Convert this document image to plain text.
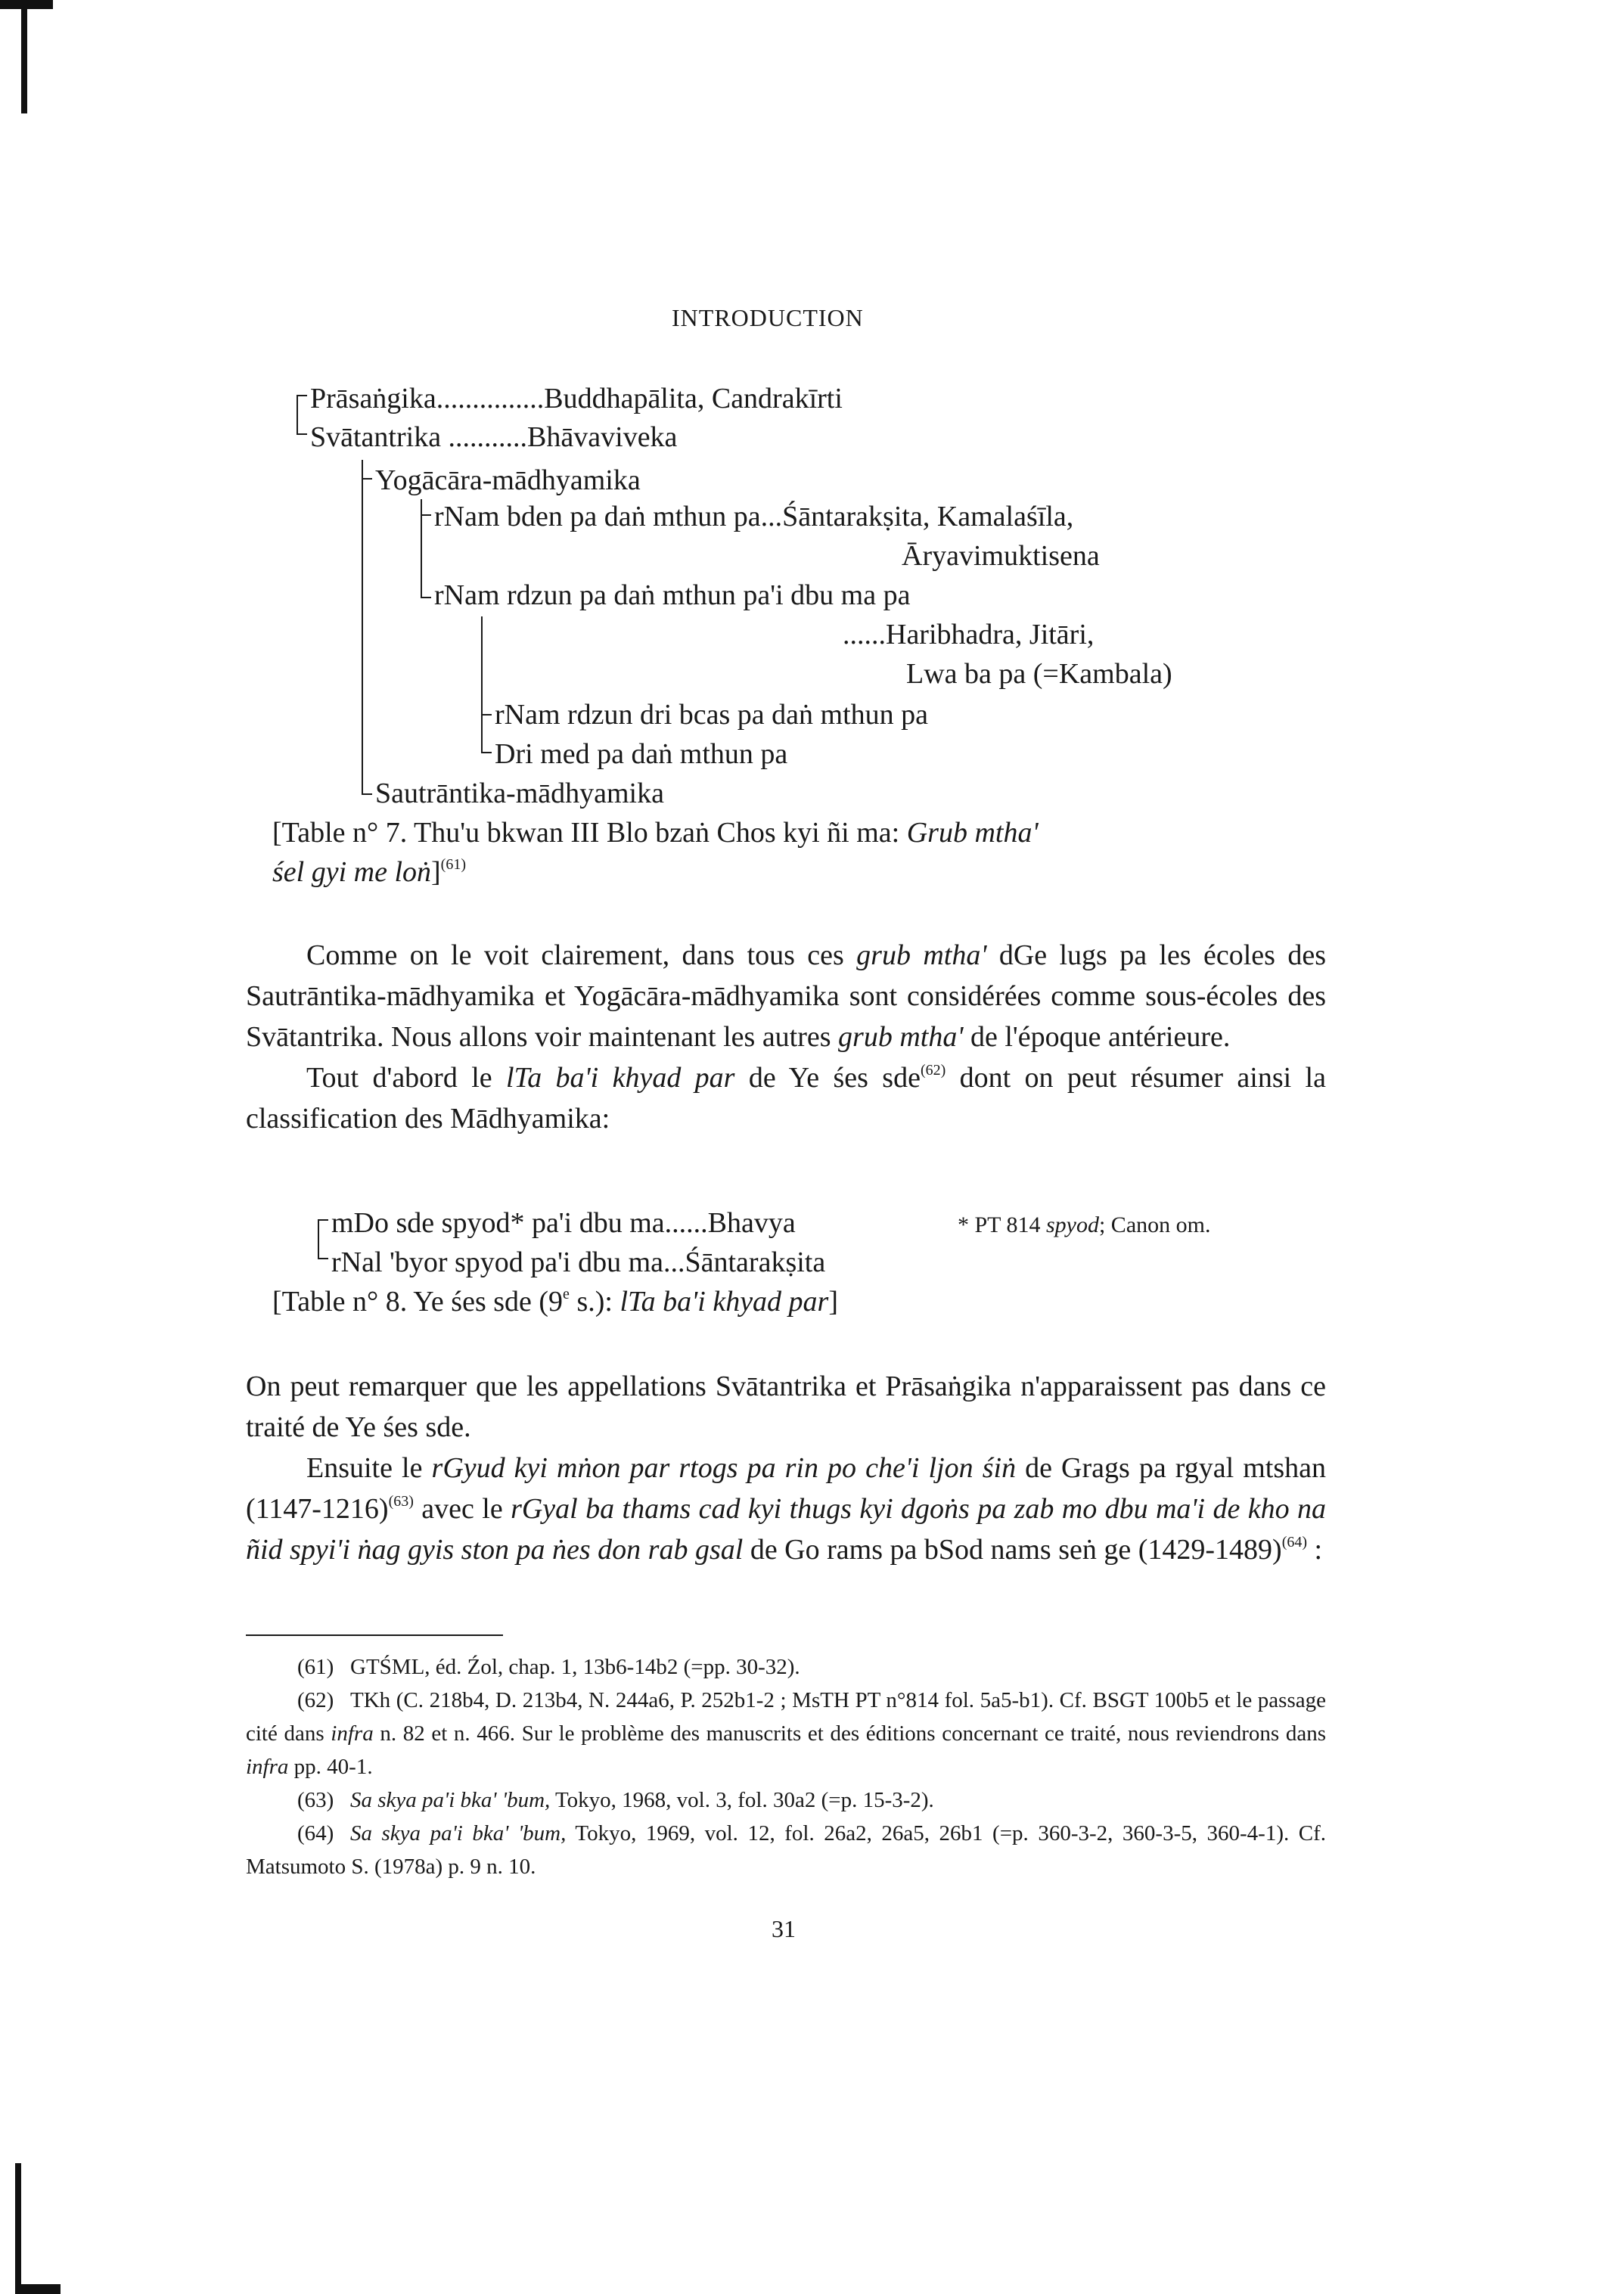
INTRODUCTION
Prāsaṅgika...............Buddhapālita, Candrakīrti
Svātantrika ...........Bhāvaviveka
Yogācāra-mādhyamika
rNam bden pa daṅ mthun pa...Śāntarakṣita, Kamalaśīla,
Āryavimuktisena
rNam rdzun pa daṅ mthun pa'i dbu ma pa
......Haribhadra, Jitāri,
Lwa ba pa (=Kambala)
rNam rdzun dri bcas pa daṅ mthun pa
Dri med pa daṅ mthun pa
Sautrāntika-mādhyamika
[Table n° 7. Thu'u bkwan III Blo bzaṅ Chos kyi ñi ma: Grub mtha'
śel gyi me loṅ]$^{(61)}$

Comme on le voit clairement, dans tous ces grub mtha' dGe lugs pa les écoles des Sautrāntika-mādhyamika et Yogācāra-mādhyamika sont considérées comme sous-écoles des Svātantrika. Nous allons voir maintenant les autres grub mtha' de l'époque antérieure.

Tout d'abord le lTa ba'i khyad par de Ye śes sde$^{(62)}$ dont on peut résumer ainsi la classification des Mādhyamika:

mDo sde spyod* pa'i dbu ma......Bhavya	* PT 814 spyod; Canon om.
rNal 'byor spyod pa'i dbu ma...Śāntarakṣita
[Table n° 8. Ye śes sde (9e s.): lTa ba'i khyad par]

On peut remarquer que les appellations Svātantrika et Prāsaṅgika n'apparaissent pas dans ce traité de Ye śes sde.

Ensuite le rGyud kyi mṅon par rtogs pa rin po che'i ljon śiṅ de Grags pa rgyal mtshan (1147-1216)$^{(63)}$ avec le rGyal ba thams cad kyi thugs kyi dgoṅs pa zab mo dbu ma'i de kho na ñid spyi'i ṅag gyis ston pa ṅes don rab gsal de Go rams pa bSod nams seṅ ge (1429-1489)$^{(64)}$ :

(61) GTŚML, éd. Źol, chap. 1, 13b6-14b2 (=pp. 30-32).

(62) TKh (C. 218b4, D. 213b4, N. 244a6, P. 252b1-2 ; MsTH PT n°814 fol. 5a5-b1). Cf. BSGT 100b5 et le passage cité dans infra n. 82 et n. 466. Sur le problème des manuscrits et des éditions concernant ce traité, nous reviendrons dans infra pp. 40-1.

(63) Sa skya pa'i bka' 'bum, Tokyo, 1968, vol. 3, fol. 30a2 (=p. 15-3-2).

(64) Sa skya pa'i bka' 'bum, Tokyo, 1969, vol. 12, fol. 26a2, 26a5, 26b1 (=p. 360-3-2, 360-3-5, 360-4-1). Cf. Matsumoto S. (1978a) p. 9 n. 10.

31
